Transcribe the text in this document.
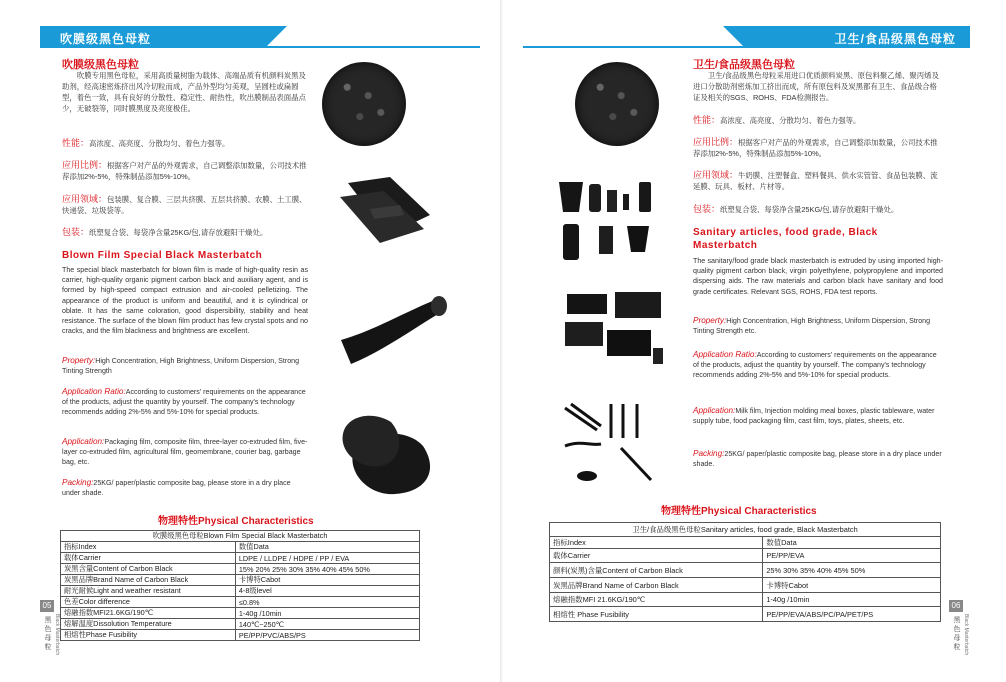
吹膜级黑色母粒
吹膜级黑色母粒
吹膜专用黑色母粒，采用高质量树脂为载体、高端品质有机颜料炭黑及助剂，经高速密炼挤出风冷切粒而成，产品外型均匀美观，呈圆柱或扁圆型，着色一致，具有良好的分散性、稳定性、耐热性，吹出膜制品表面晶点少，无破裂等，同时膜黑度及亮度极佳。
性能：高浓度、高亮度、分散均匀、着色力强等。
应用比例：根据客户对产品的外观需求，自己调整添加数量，公司技术推荐添加2%-5%，特殊制品添加5%-10%。
应用领域：包装膜、复合膜、三层共挤膜、五层共挤膜、农膜、土工膜、快递袋、垃圾袋等。
包装：纸塑复合袋、每袋净含量25KG/包,请存放避阳干燥处。
Blown Film Special Black Masterbatch
The special black masterbatch for blown film is made of high-quality resin as carrier, high-quality organic pigment carbon black and auxiliary agent, and is formed by high-speed compact extrusion and air-cooled pelletizing. The appearance of the product is uniform and beautiful, and it is cylindrical or oblate. It has the same coloration, good dispersibility, stability and heat resistance. The surface of the blown film product has few crystal spots and no cracks, and the film blackness and brightness are excellent.
Property:High Concentration, High Brightness, Uniform Dispersion, Strong Tinting Strength
Application Ratio:According to customers' requirements on the appearance of the products, adjust the quantity by yourself. The company's technology recommends adding 2%-5% and 5%-10% for special products.
Application:Packaging film, composite film, three-layer co-extruded film, five-layer co-extruded film, agricultural film, geomembrane, courier bag, garbage bag, etc.
Packing:25KG/ paper/plastic composite bag, please store in a dry place under shade.
物理特性Physical Characteristics
吹膜级黑色母粒Blown Film Special Black Masterbatch	
指标Index	数值Data
载体Carrier	LDPE / LLDPE / HDPE / PP / EVA
炭黑含量Content of Carbon Black	15% 20% 25% 30% 35% 40% 45% 50%
炭黑品牌Brand Name of Carbon Black	卡博特Cabot
耐光耐候Light and weather resistant	4-8级level
色差Color difference	≤0.8%
熔融指数MFI21.6KG/190℃	1-40g /10min
熔解温度Dissolution Temperature	140℃~250℃
相熔性Phase Fusibility	PE/PP/PVC/ABS/PS
05
黑色母粒 Black Masterbatch
卫生/食品级黑色母粒
卫生/食品级黑色母粒
卫生/食品级黑色母粒采用进口优质颜料炭黑、原包料聚乙烯、聚丙烯及进口分散助剂密炼加工挤出而成，所有原包料及炭黑都有卫生、食品级合格证及相关的SGS、ROHS、FDA检测报告。
性能：高浓度、高亮度、分散均匀、着色力强等。
应用比例：根据客户对产品的外观需求，自己调整添加数量，公司技术推荐添加2%-5%，特殊制品添加5%-10%。
应用领域：牛奶膜、注塑餐盒、塑料餐具、供水实管管、食品包装膜、流延膜、玩具、板材、片材等。
包装：纸塑复合袋、每袋净含量25KG/包,请存放避阳干燥处。
Sanitary articles, food grade, Black Masterbatch
The sanitary/food grade black masterbatch is extruded by using imported high-quality pigment carbon black, virgin polyethylene, polypropylene and imported dispersing aids. The raw materials and carbon black have sanitary and food grade certificates. Relevant SGS, ROHS, FDA test reports.
Property:High Concentration, High Brightness, Uniform Dispersion, Strong Tinting Strength etc.
Application Ratio:According to customers' requirements on the appearance of the products, adjust the quantity by yourself. The company's technology recommends adding 2%-5% and 5%-10% for special products.
Application:Milk film, Injection molding meal boxes, plastic tableware, water supply tube, food packaging film, cast film, toys, plates, sheets, etc.
Packing:25KG/ paper/plastic composite bag, please store in a dry place under shade.
物理特性Physical Characteristics
卫生/食品级黑色母粒Sanitary articles, food grade, Black Masterbatch	
指标Index	数值Data
载体Carrier	PE/PP/EVA
颜料(炭黑)含量Content of Carbon Black	25% 30% 35% 40% 45% 50%
炭黑品牌Brand Name of Carbon Black	卡博特Cabot
熔融指数MFI 21.6KG/190℃	1-40g /10min
相熔性 Phase Fusibility	PE/PP/EVA/ABS/PC/PA/PET/PS
06
黑色母粒 Black Masterbatch
